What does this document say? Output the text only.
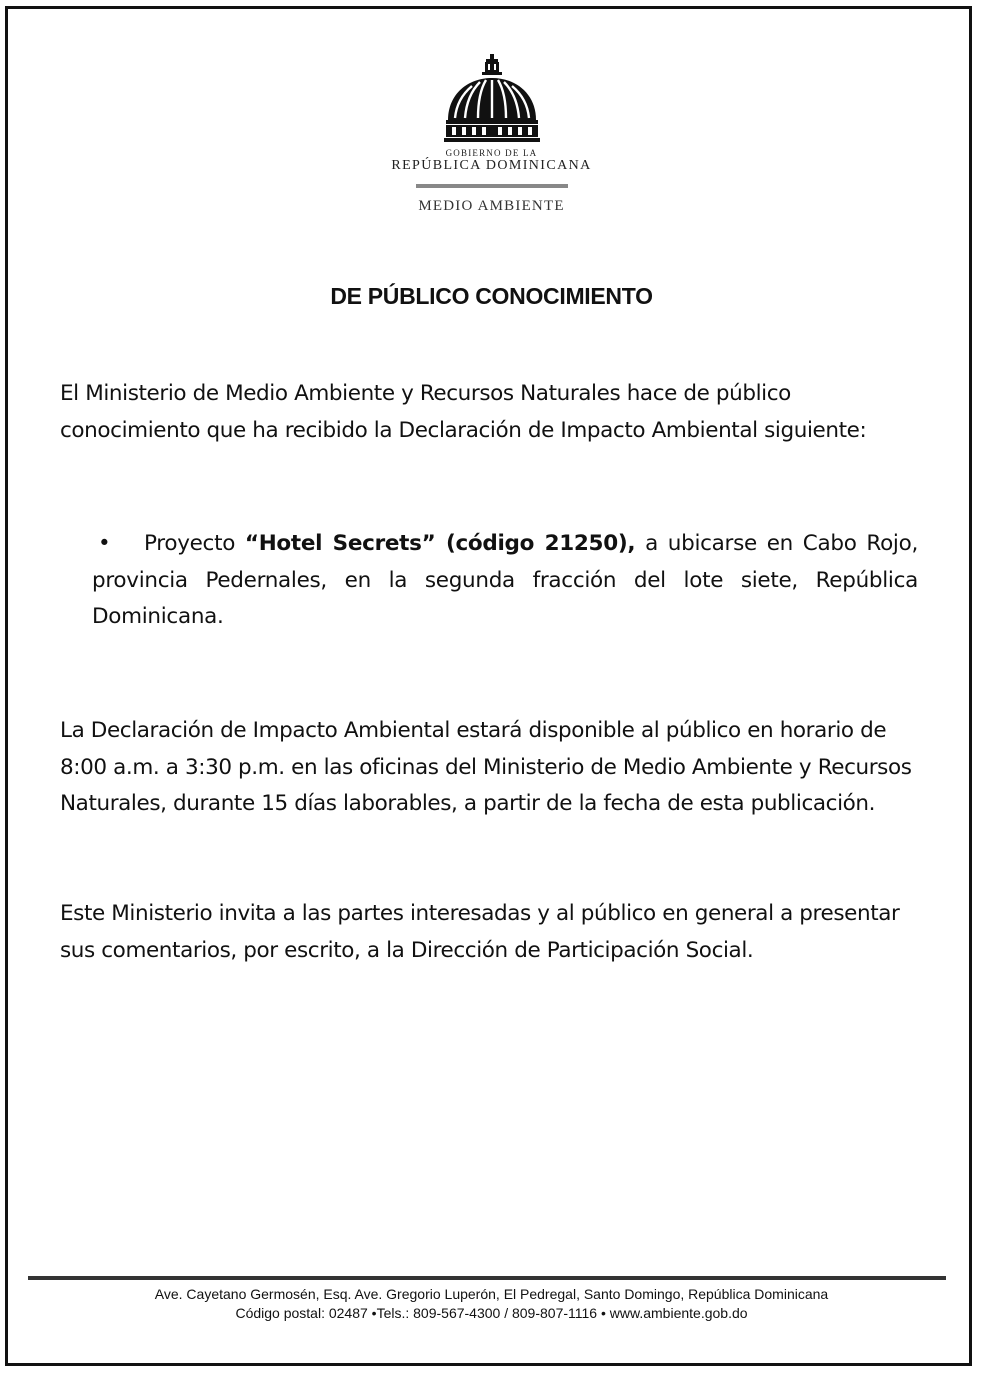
GOBIERNO DE LA
REPÚBLICA DOMINICANA
MEDIO AMBIENTE
DE PÚBLICO CONOCIMIENTO

El Ministerio de Medio Ambiente y Recursos Naturales hace de público conocimiento que ha recibido la Declaración de Impacto Ambiental siguiente:

• Proyecto “Hotel Secrets” (código 21250), a ubicarse en Cabo Rojo, provincia Pedernales, en la segunda fracción del lote siete, República Dominicana.

La Declaración de Impacto Ambiental estará disponible al público en horario de 8:00 a.m. a 3:30 p.m. en las oficinas del Ministerio de Medio Ambiente y Recursos Naturales, durante 15 días laborables, a partir de la fecha de esta publicación.

Este Ministerio invita a las partes interesadas y al público en general a presentar sus comentarios, por escrito, a la Dirección de Participación Social.

Ave. Cayetano Germosén, Esq. Ave. Gregorio Luperón, El Pedregal, Santo Domingo, República Dominicana
Código postal: 02487 •Tels.: 809-567-4300 / 809-807-1116 • www.ambiente.gob.do
